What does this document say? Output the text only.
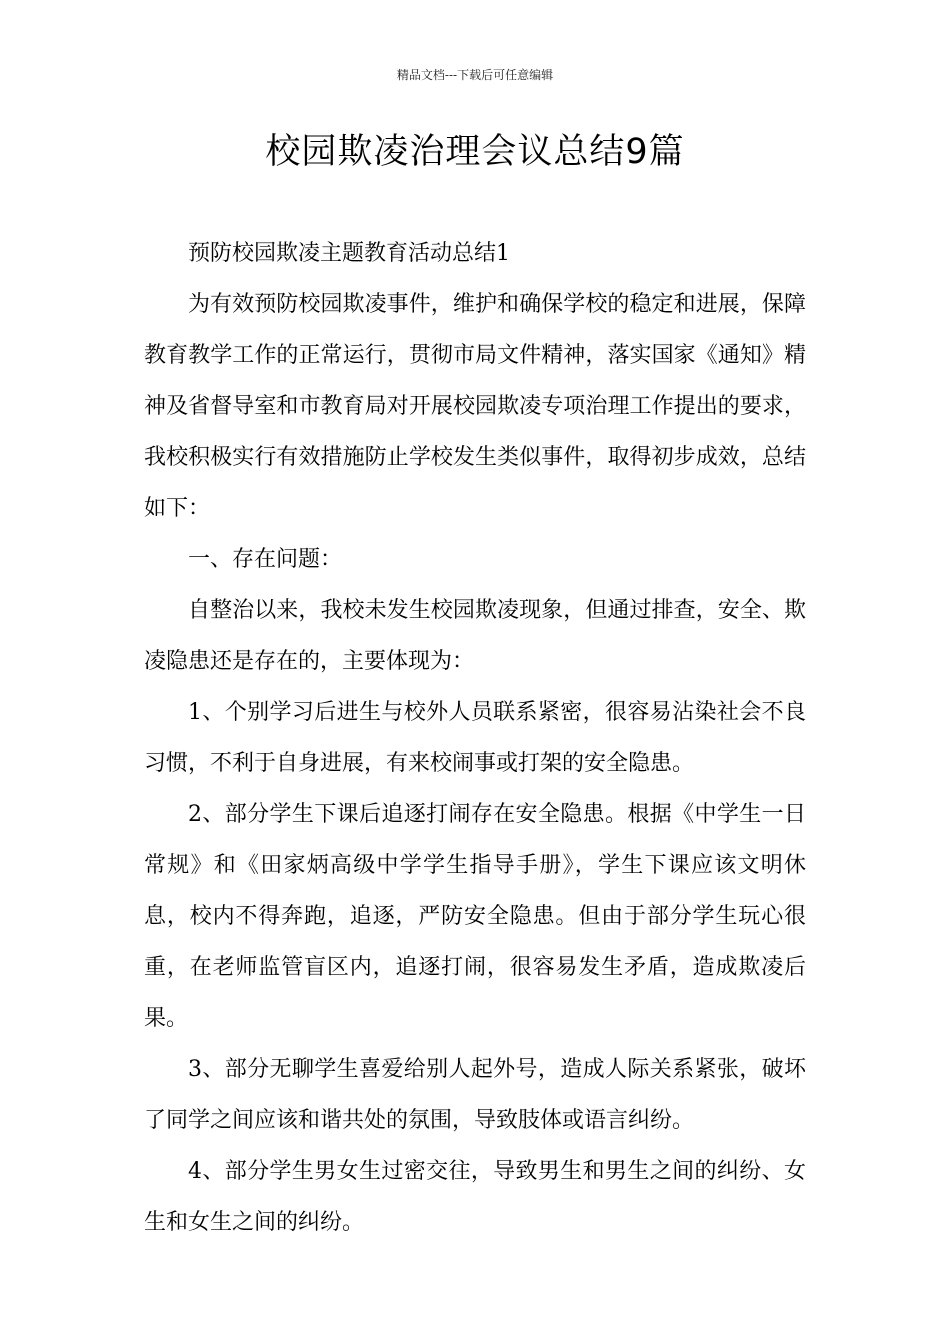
精品文档---下载后可任意编辑
校园欺凌治理会议总结9篇

预防校园欺凌主题教育活动总结1

为有效预防校园欺凌事件，维护和确保学校的稳定和进展，保障教育教学工作的正常运行，贯彻市局文件精神，落实国家《通知》精神及省督导室和市教育局对开展校园欺凌专项治理工作提出的要求，我校积极实行有效措施防止学校发生类似事件，取得初步成效，总结如下：

一、存在问题：

自整治以来，我校未发生校园欺凌现象，但通过排查，安全、欺凌隐患还是存在的，主要体现为：

1、个别学习后进生与校外人员联系紧密，很容易沾染社会不良习惯，不利于自身进展，有来校闹事或打架的安全隐患。

2、部分学生下课后追逐打闹存在安全隐患。根据《中学生一日常规》和《田家炳高级中学学生指导手册》，学生下课应该文明休息，校内不得奔跑，追逐，严防安全隐患。但由于部分学生玩心很重，在老师监管盲区内，追逐打闹，很容易发生矛盾，造成欺凌后果。

3、部分无聊学生喜爱给别人起外号，造成人际关系紧张，破坏了同学之间应该和谐共处的氛围，导致肢体或语言纠纷。

4、部分学生男女生过密交往，导致男生和男生之间的纠纷、女生和女生之间的纠纷。
